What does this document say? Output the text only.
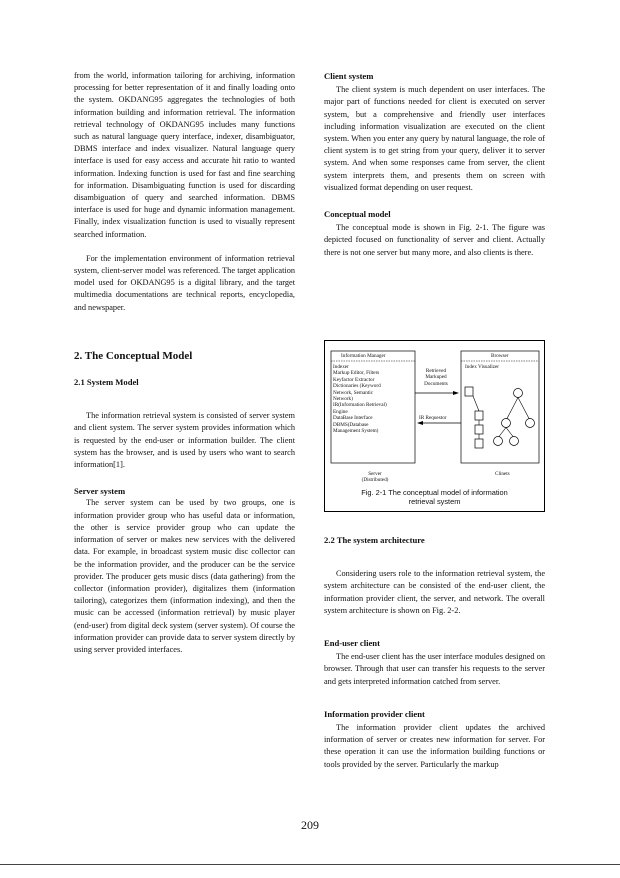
from the world, information tailoring for archiving, information processing for better representation of it and finally loading onto the system. OKDANG95 aggregates the technologies of both information building and information retrieval. The information retrieval technology of OKDANG95 includes many functions such as natural language query interface, indexer, disambiguator, DBMS interface and index visualizer. Natural language query interface is used for easy access and accurate hit ratio to wanted information. Indexing function is used for fast and fine searching for information. Disambiguating function is used for discarding disambiguation of query and searched information. DBMS interface is used for huge and dynamic information management. Finally, index visualization function is used to visually represent searched information.

For the implementation environment of information retrieval system, client-server model was referenced. The target application model used for OKDANG95 is a digital library, and the target multimedia documentations are technical reports, encyclopedia, and newspaper.

2. The Conceptual Model

2.1 System Model

The information retrieval system is consisted of server system and client system. The server system provides information which is requested by the end-user or information builder. The client system has the browser, and is used by users who want to search information[1].

Server system

The server system can be used by two groups, one is information provider group who has useful data or information, the other is service provider group who can update the information of server or makes new services with the delivered data. For example, in broadcast system music disc collector can be the information provider, and the producer can be the service provider. The producer gets music discs (data gathering) from the collector (information provider), digitalizes them (information tailoring), categorizes them (information indexing), and then the music can be accessed (information retrieval) by music player (end-user) from digital deck system (server system). Of course the information provider can provide data to server system directly by using server provided interfaces.

Client system

The client system is much dependent on user interfaces. The major part of functions needed for client is executed on server system, but a comprehensive and friendly user interfaces including information visualization are executed on the client system. When you enter any query by natural language, the role of client system is to get string from your query, deliver it to server system. And when some responses came from server, the client system interprets them, and presents them on screen with visualized format depending on user request.

Conceptual model

The conceptual mode is shown in Fig. 2-1. The figure was depicted focused on functionality of server and client. Actually there is not one server but many more, and also clients is there.

Information Manager	Browser
Indexer
Markup Editor, Filters
Keyfactor Extractor
Dictionaries (Keyword
Network, Semantic
Network)
IR(Information Retrieval)
Engine
DataBase Interface
DBMS(Database
Management System)
Index Visualizer
Retrieved
Markuped
Documents
IR Requestor
Server
(Distributed)
Clinets
Fig. 2-1 The conceptual model of information
retrieval system

2.2 The system architecture

Considering users role to the information retrieval system, the system architecture can be consisted of the end-user client, the information provider client, the server, and network. The overall system architecture is shown on Fig. 2-2.

End-user client

The end-user client has the user interface modules designed on browser. Through that user can transfer his requests to the server and gets interpreted information catched from server.

Information provider client

The information provider client updates the archived information of server or creates new information for server. For these operation it can use the information building functions or tools provided by the server. Particularly the markup

209
